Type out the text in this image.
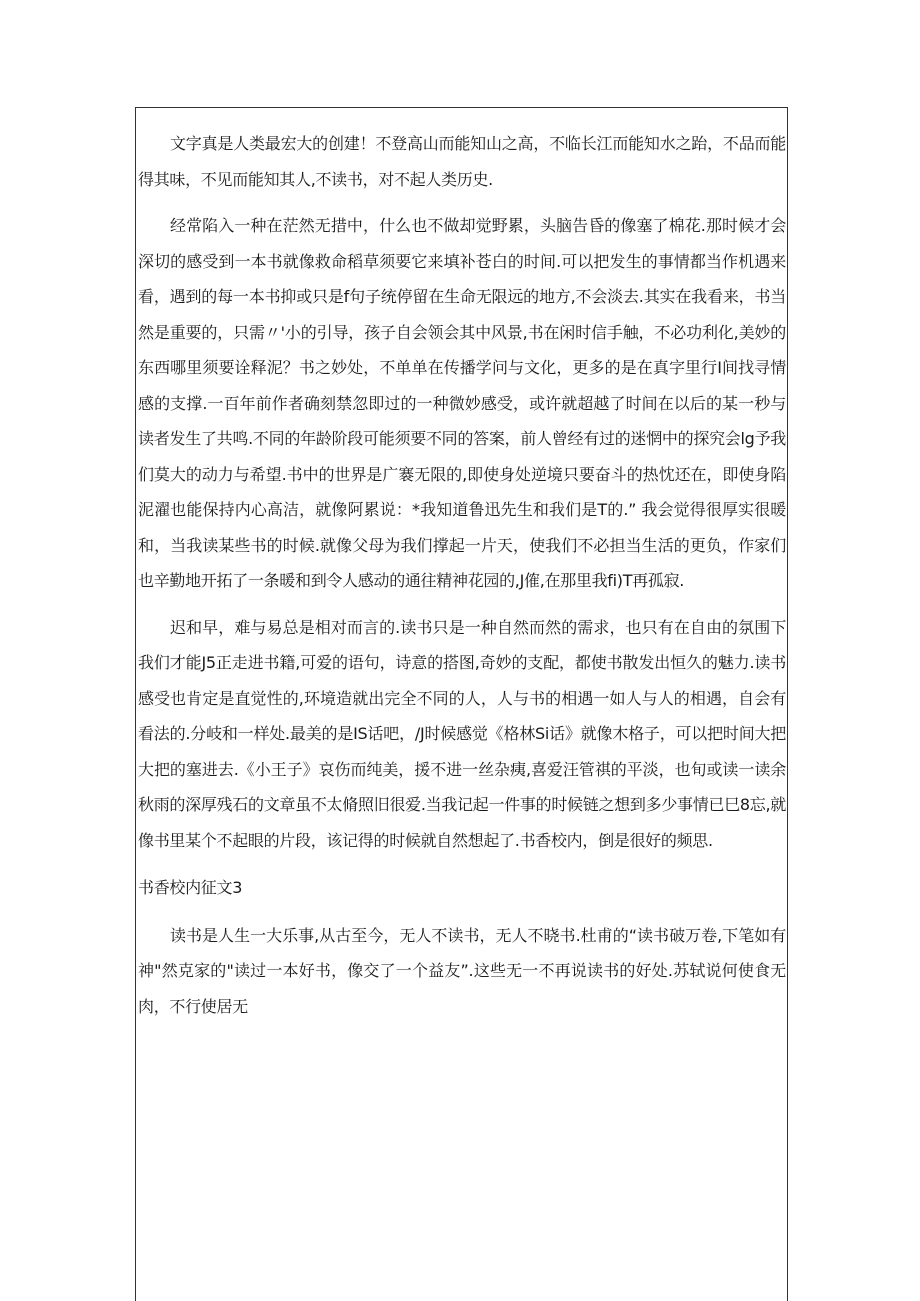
文字真是人类最宏大的创建！不登高山而能知山之高，不临长江而能知水之跆，不品而能得其味，不见而能知其人,不读书，对不起人类历史.

经常陷入一种在茫然无措中，什么也不做却觉野累，头脑告昏的像塞了棉花.那时候才会深切的感受到一本书就像救命稻草须要它来填补苍白的时间.可以把发生的事情都当作机遇来看，遇到的每一本书抑或只是f句子统停留在生命无限远的地方,不会淡去.其实在我看来，书当然是重要的，只需〃'小的引导，孩子自会领会其中风景,书在闲时信手触，不必功利化,美妙的东西哪里须要诠释泥？书之妙处，不单单在传播学问与文化，更多的是在真字里行I间找寻情感的支撑.一百年前作者确刻禁忽即过的一种微妙感受，或许就超越了时间在以后的某一秒与读者发生了共鸣.不同的年龄阶段可能须要不同的答案，前人曾经有过的迷惘中的探究会lg予我们莫大的动力与希望.书中的世界是广褰无限的,即使身处逆境只要奋斗的热忱还在，即使身陷泥濯也能保持内心高洁，就像阿累说：*我知道鲁迅先生和我们是T的.” 我会觉得很厚实很暖和，当我读某些书的时候.就像父母为我们撑起一片天，使我们不必担当生活的更负，作家们也辛勤地开拓了一条暖和到令人感动的通往精神花园的,J傕,在那里我fi)T再孤寂.

迟和早，难与易总是相对而言的.读书只是一种自然而然的需求，也只有在自由的氛围下我们才能J5正走进书籍,可爱的语句，诗意的搭图,奇妙的支配，都使书散发出恒久的魅力.读书感受也肯定是直觉性的,环境造就出完全不同的人，人与书的相遇一如人与人的相遇，自会有看法的.分岐和一样处.最美的是IS话吧，/J时候感觉《格林Si话》就像木格子，可以把时间大把大把的塞进去.《小王子》哀伤而纯美，援不进一丝杂痍,喜爱汪管祺的平淡，也旬或读一读余秋雨的深厚残石的文章虽不太脩照旧很爱.当我记起一件事的时候链之想到多少事情已巳8忘,就像书里某个不起眼的片段，该记得的时候就自然想起了.书香校内，倒是很好的频思.

书香校内征文3

读书是人生一大乐事,从古至今，无人不读书，无人不晓书.杜甫的“读书破万卷,下笔如有神"然克家的"读过一本好书，像交了一个益友”.这些无一不再说读书的好处.苏轼说何使食无肉，不行使居无
